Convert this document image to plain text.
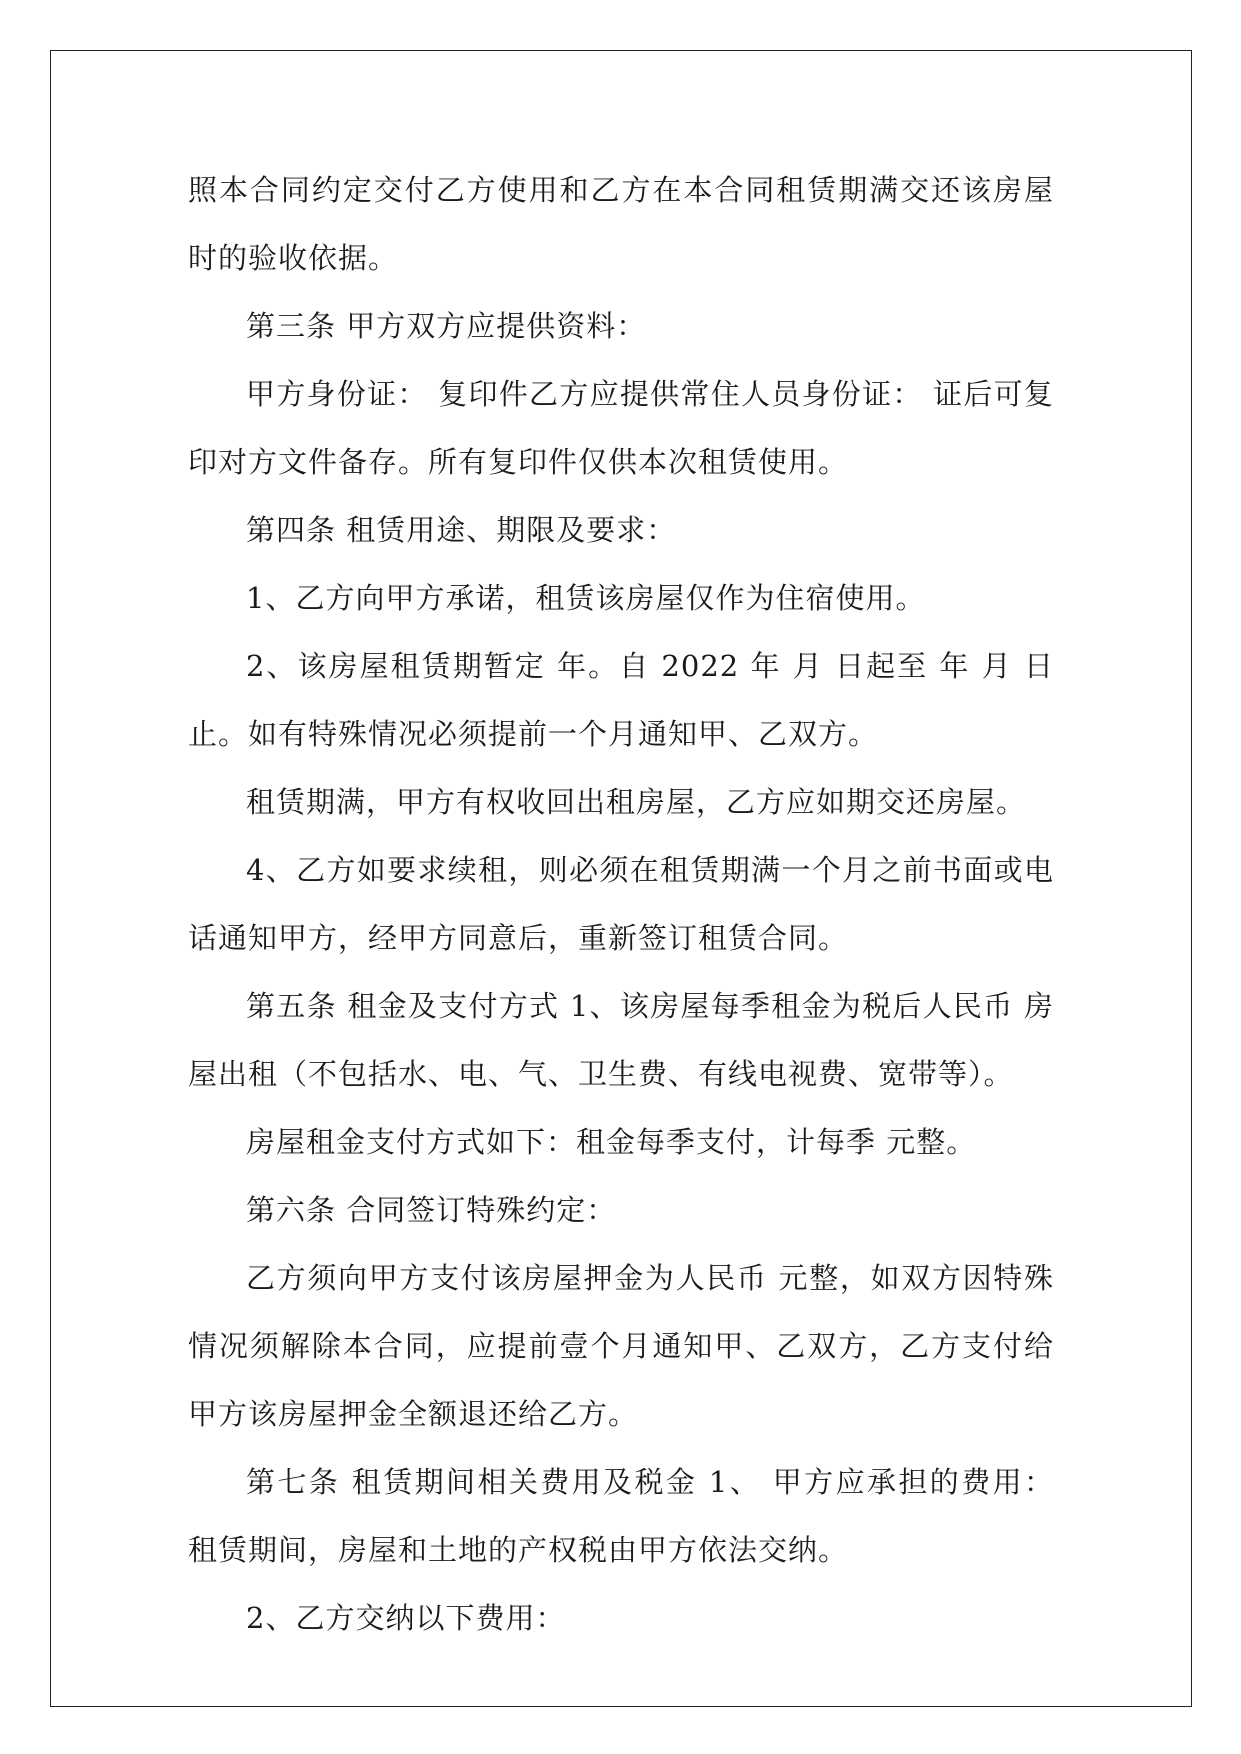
照本合同约定交付乙方使用和乙方在本合同租赁期满交还该房屋时的验收依据。

第三条 甲方双方应提供资料：

甲方身份证： 复印件乙方应提供常住人员身份证： 证后可复印对方文件备存。所有复印件仅供本次租赁使用。

第四条 租赁用途、期限及要求：

1、乙方向甲方承诺，租赁该房屋仅作为住宿使用。

2、该房屋租赁期暂定 年。自 2022 年 月 日起至 年 月 日止。如有特殊情况必须提前一个月通知甲、乙双方。

租赁期满，甲方有权收回出租房屋，乙方应如期交还房屋。

4、乙方如要求续租，则必须在租赁期满一个月之前书面或电话通知甲方，经甲方同意后，重新签订租赁合同。

第五条 租金及支付方式 1、该房屋每季租金为税后人民币 房屋出租（不包括水、电、气、卫生费、有线电视费、宽带等）。

房屋租金支付方式如下：租金每季支付，计每季 元整。

第六条 合同签订特殊约定：

乙方须向甲方支付该房屋押金为人民币 元整，如双方因特殊情况须解除本合同，应提前壹个月通知甲、乙双方，乙方支付给甲方该房屋押金全额退还给乙方。

第七条 租赁期间相关费用及税金 1、 甲方应承担的费用： 租赁期间，房屋和土地的产权税由甲方依法交纳。

2、乙方交纳以下费用：
